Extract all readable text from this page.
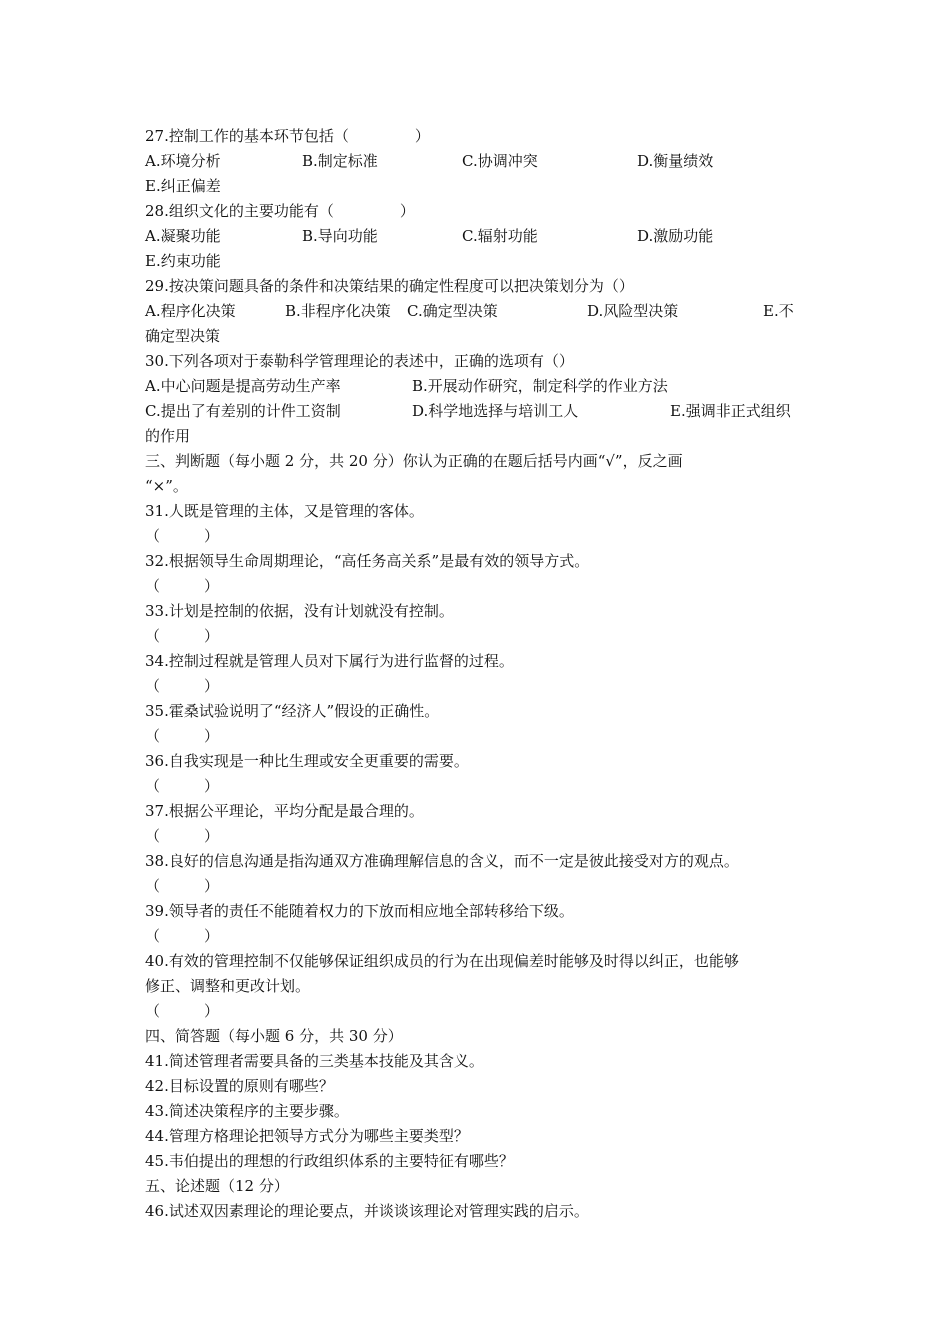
27.控制工作的基本环节包括（	）
A.环境分析	B.制定标准	C.协调冲突	D.衡量绩效
E.纠正偏差
28.组织文化的主要功能有（	）
A.凝聚功能	B.导向功能	C.辐射功能	D.激励功能
E.约束功能
29.按决策问题具备的条件和决策结果的确定性程度可以把决策划分为（）
A.程序化决策	B.非程序化决策 C.确定型决策	D.风险型决策	E.不
确定型决策
30.下列各项对于泰勒科学管理理论的表述中，正确的选项有（）
A.中心问题是提高劳动生产率	B.开展动作研究，制定科学的作业方法
C.提出了有差别的计件工资制	D.科学地选择与培训工人	E.强调非正式组织
的作用
三、判断题（每小题 2 分，共 20 分）你认为正确的在题后括号内画“√”，反之画
“×”。
31.人既是管理的主体，又是管理的客体。
（	）
32.根据领导生命周期理论，“高任务高关系”是最有效的领导方式。
（	）
33.计划是控制的依据，没有计划就没有控制。
（	）
34.控制过程就是管理人员对下属行为进行监督的过程。
（	）
35.霍桑试验说明了“经济人”假设的正确性。
（	）
36.自我实现是一种比生理或安全更重要的需要。
（	）
37.根据公平理论，平均分配是最合理的。
（	）
38.良好的信息沟通是指沟通双方准确理解信息的含义，而不一定是彼此接受对方的观点。
（	）
39.领导者的责任不能随着权力的下放而相应地全部转移给下级。
（	）
40.有效的管理控制不仅能够保证组织成员的行为在出现偏差时能够及时得以纠正，也能够
修正、调整和更改计划。
（	）
四、简答题（每小题 6 分，共 30 分）
41.简述管理者需要具备的三类基本技能及其含义。
42.目标设置的原则有哪些？
43.简述决策程序的主要步骤。
44.管理方格理论把领导方式分为哪些主要类型？
45.韦伯提出的理想的行政组织体系的主要特征有哪些？
五、论述题（12 分）
46.试述双因素理论的理论要点，并谈谈该理论对管理实践的启示。
